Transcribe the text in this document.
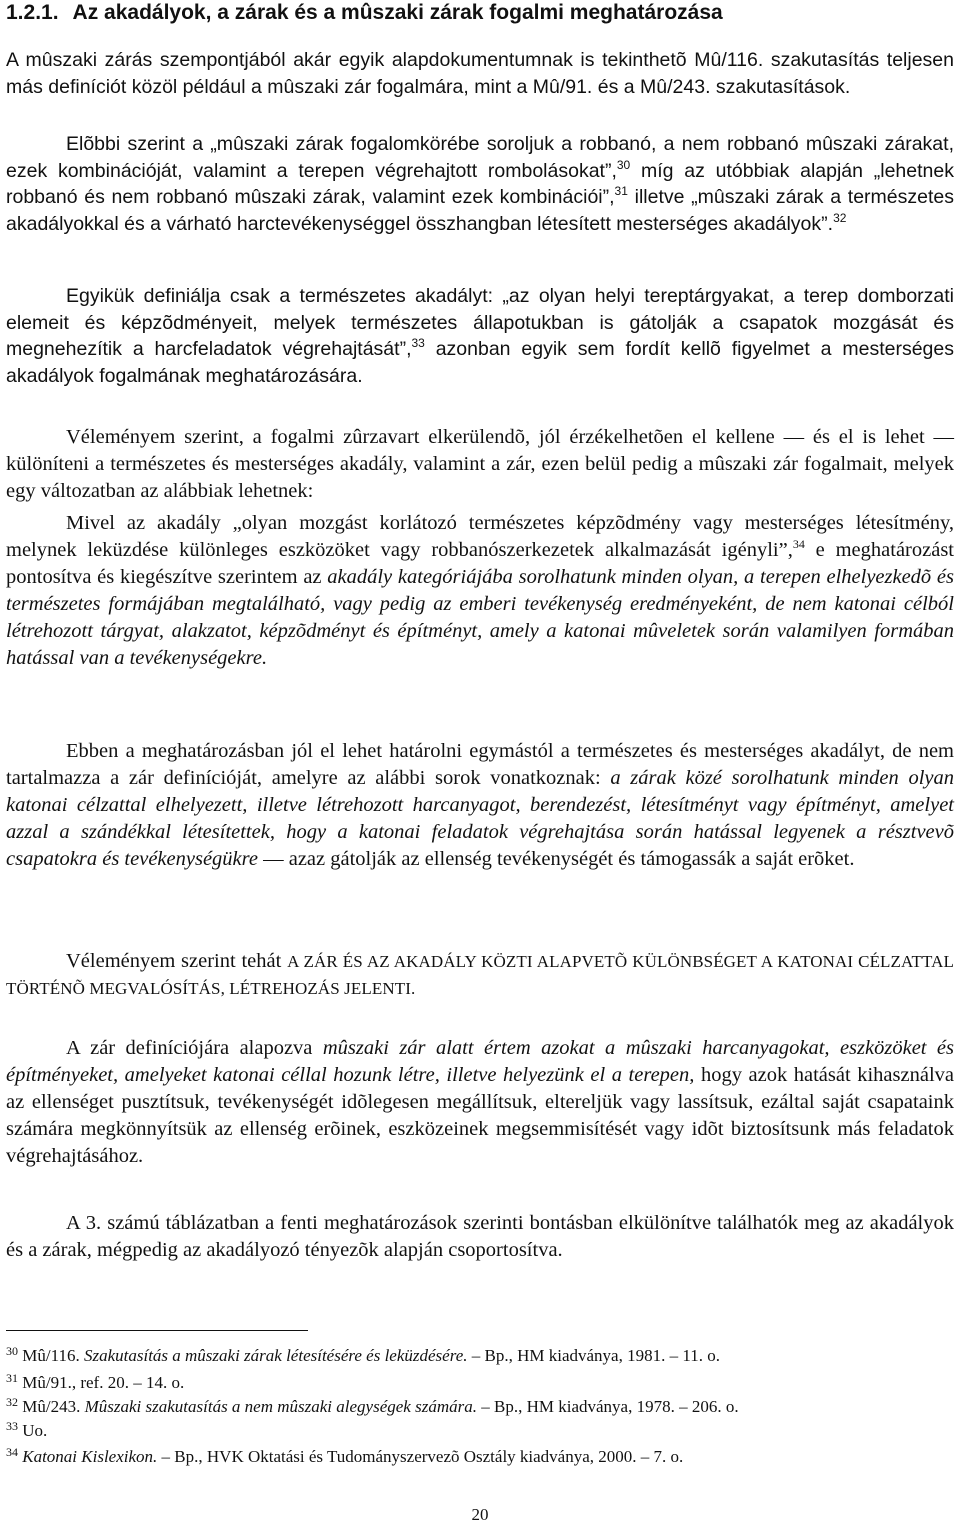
1.2.1. Az akadályok, a zárak és a mûszaki zárak fogalmi meghatározása

A mûszaki zárás szempontjából akár egyik alapdokumentumnak is tekinthetõ Mû/116. szakutasítás teljesen más definíciót közöl például a mûszaki zár fogalmára, mint a Mû/91. és a Mû/243. szakutasítások.

Elõbbi szerint a „mûszaki zárak fogalomkörébe soroljuk a robbanó, a nem robbanó mûszaki zárakat, ezek kombinációját, valamint a terepen végrehajtott rombolásokat”,$^{30}$ míg az utóbbiak alapján „lehetnek robbanó és nem robbanó mûszaki zárak, valamint ezek kombinációi”,$^{31}$ illetve „mûszaki zárak a természetes akadályokkal és a várható harctevékenységgel összhangban létesített mesterséges akadályok”.$^{32}$

Egyikük definiálja csak a természetes akadályt: „az olyan helyi tereptárgyakat, a terep domborzati elemeit és képzõdményeit, melyek természetes állapotukban is gátolják a csapatok mozgását és megnehezítik a harcfeladatok végrehajtását”,$^{33}$ azonban egyik sem fordít kellõ figyelmet a mesterséges akadályok fogalmának meghatározására.

Véleményem szerint, a fogalmi zûrzavart elkerülendõ, jól érzékelhetõen el kellene — és el is lehet — különíteni a természetes és mesterséges akadály, valamint a zár, ezen belül pedig a mûszaki zár fogalmait, melyek egy változatban az alábbiak lehetnek:

Mivel az akadály „olyan mozgást korlátozó természetes képzõdmény vagy mesterséges létesítmény, melynek leküzdése különleges eszközöket vagy robbanószerkezetek alkalmazását igényli”,$^{34}$ e meghatározást pontosítva és kiegészítve szerintem az akadály kategóriájába sorolhatunk minden olyan, a terepen elhelyezkedõ és természetes formájában megtalálható, vagy pedig az emberi tevékenység eredményeként, de nem katonai célból létrehozott tárgyat, alakzatot, képzõdményt és építményt, amely a katonai mûveletek során valamilyen formában hatással van a tevékenységekre.

Ebben a meghatározásban jól el lehet határolni egymástól a természetes és mesterséges akadályt, de nem tartalmazza a zár definícióját, amelyre az alábbi sorok vonatkoznak: a zárak közé sorolhatunk minden olyan katonai célzattal elhelyezett, illetve létrehozott harcanyagot, berendezést, létesítményt vagy építményt, amelyet azzal a szándékkal létesítettek, hogy a katonai feladatok végrehajtása során hatással legyenek a résztvevõ csapatokra és tevékenységükre — azaz gátolják az ellenség tevékenységét és támogassák a saját erõket.

Véleményem szerint tehát A ZÁR ÉS AZ AKADÁLY KÖZTI ALAPVETÕ KÜLÖNBSÉGET A KATONAI CÉLZATTAL TÖRTÉNÕ MEGVALÓSÍTÁS, LÉTREHOZÁS JELENTI.

A zár definíciójára alapozva mûszaki zár alatt értem azokat a mûszaki harcanyagokat, eszközöket és építményeket, amelyeket katonai céllal hozunk létre, illetve helyezünk el a terepen, hogy azok hatását kihasználva az ellenséget pusztítsuk, tevékenységét idõlegesen megállítsuk, eltereljük vagy lassítsuk, ezáltal saját csapataink számára megkönnyítsük az ellenség erõinek, eszközeinek megsemmisítését vagy idõt biztosítsunk más feladatok végrehajtásához.

A 3. számú táblázatban a fenti meghatározások szerinti bontásban elkülönítve találhatók meg az akadályok és a zárak, mégpedig az akadályozó tényezõk alapján csoportosítva.

$^{30}$ Mû/116. Szakutasítás a mûszaki zárak létesítésére és leküzdésére. – Bp., HM kiadványa, 1981. – 11. o.

$^{31}$ Mû/91., ref. 20. – 14. o.

$^{32}$ Mû/243. Mûszaki szakutasítás a nem mûszaki alegységek számára. – Bp., HM kiadványa, 1978. – 206. o.

$^{33}$ Uo.

$^{34}$ Katonai Kislexikon. – Bp., HVK Oktatási és Tudományszervezõ Osztály kiadványa, 2000. – 7. o.

20
